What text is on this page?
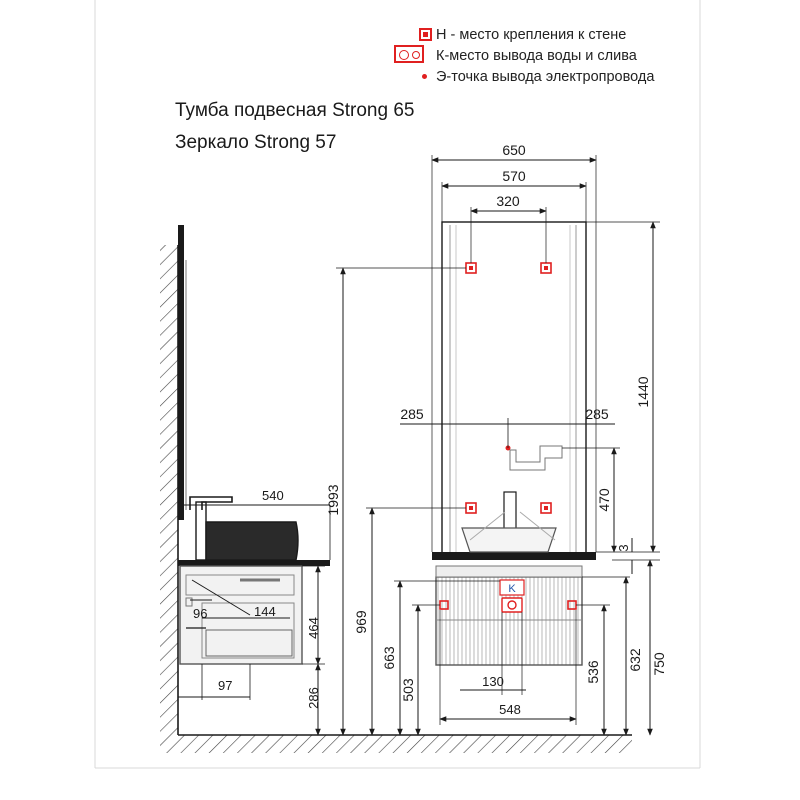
540
96	144
97
464
286
K
650
570
320
285	285
130
548
1440
470
3
750
632
536
1993
969
663
503
Н - место крепления к стене
К-место вывода воды и слива
Э-точка вывода электропровода
Тумба подвесная Strong 65
Зеркало Strong 57
